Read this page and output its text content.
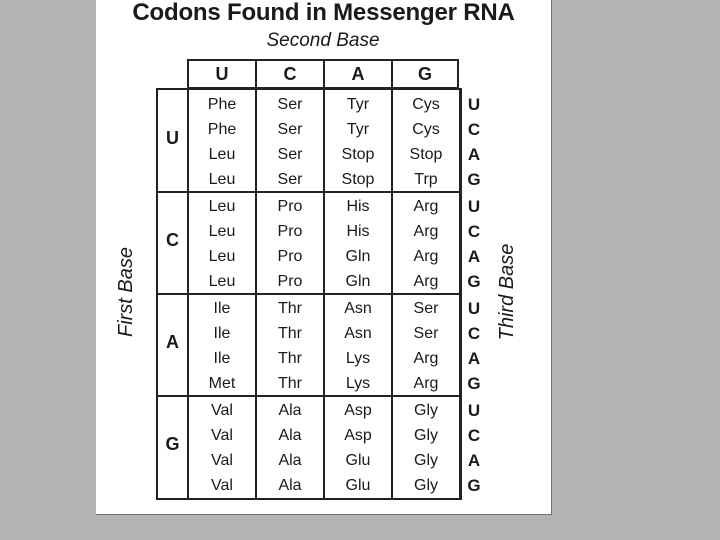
Codons Found in Messenger RNA
Second Base
First Base	Third Base
U	C	A	G
U
Phe	Ser	Tyr	Cys	U
Phe	Ser	Tyr	Cys	C
Leu	Ser	Stop	Stop	A
Leu	Ser	Stop	Trp	G
C
Leu	Pro	His	Arg	U
Leu	Pro	His	Arg	C
Leu	Pro	Gln	Arg	A
Leu	Pro	Gln	Arg	G
A
Ile	Thr	Asn	Ser	U
Ile	Thr	Asn	Ser	C
Ile	Thr	Lys	Arg	A
Met	Thr	Lys	Arg	G
G
Val	Ala	Asp	Gly	U
Val	Ala	Asp	Gly	C
Val	Ala	Glu	Gly	A
Val	Ala	Glu	Gly	G
